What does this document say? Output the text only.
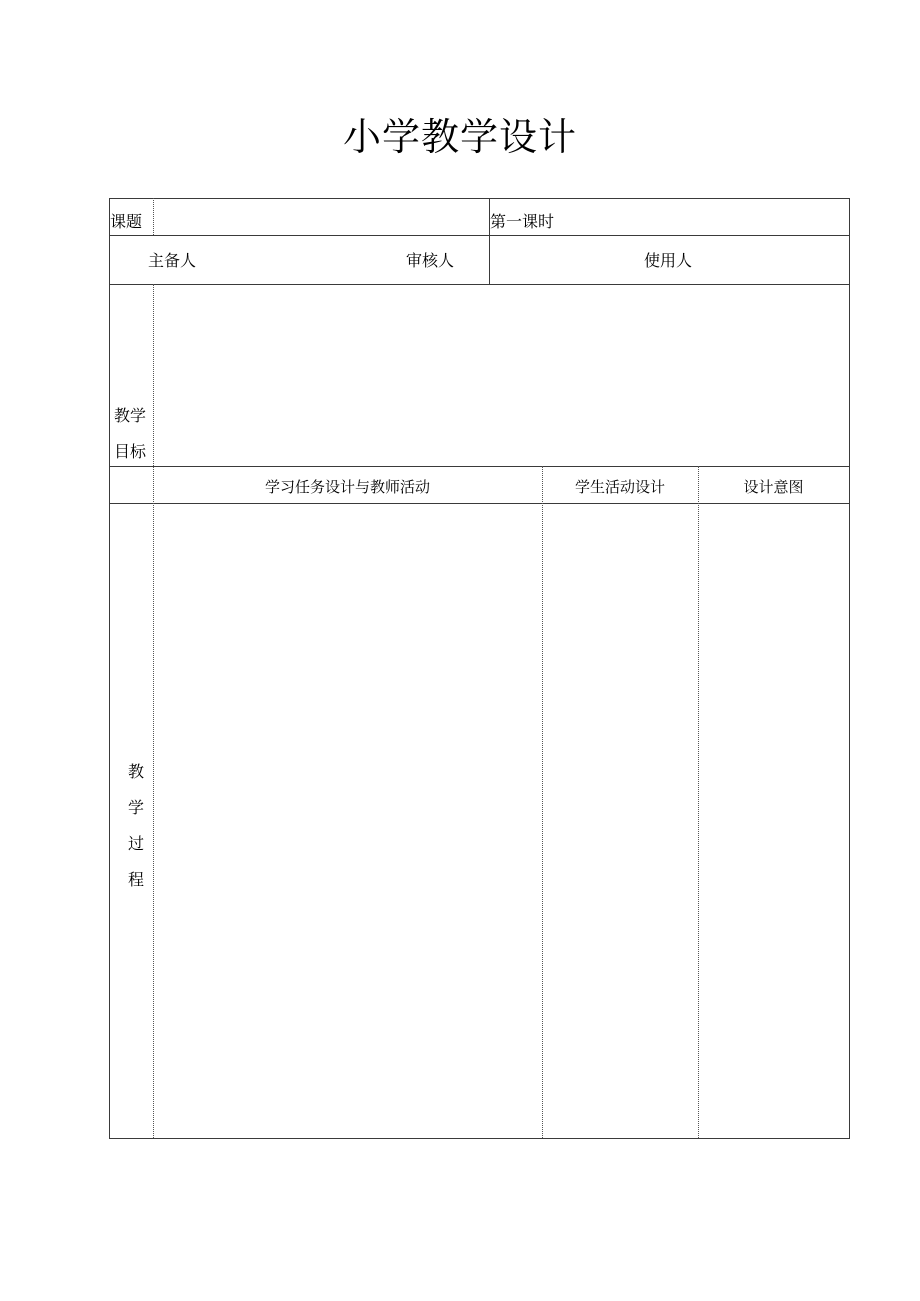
小学教学设计
课题	第一课时
主备人	审核人	使用人
教学
目标
学习任务设计与教师活动	学生活动设计	设计意图
教
学
过
程
